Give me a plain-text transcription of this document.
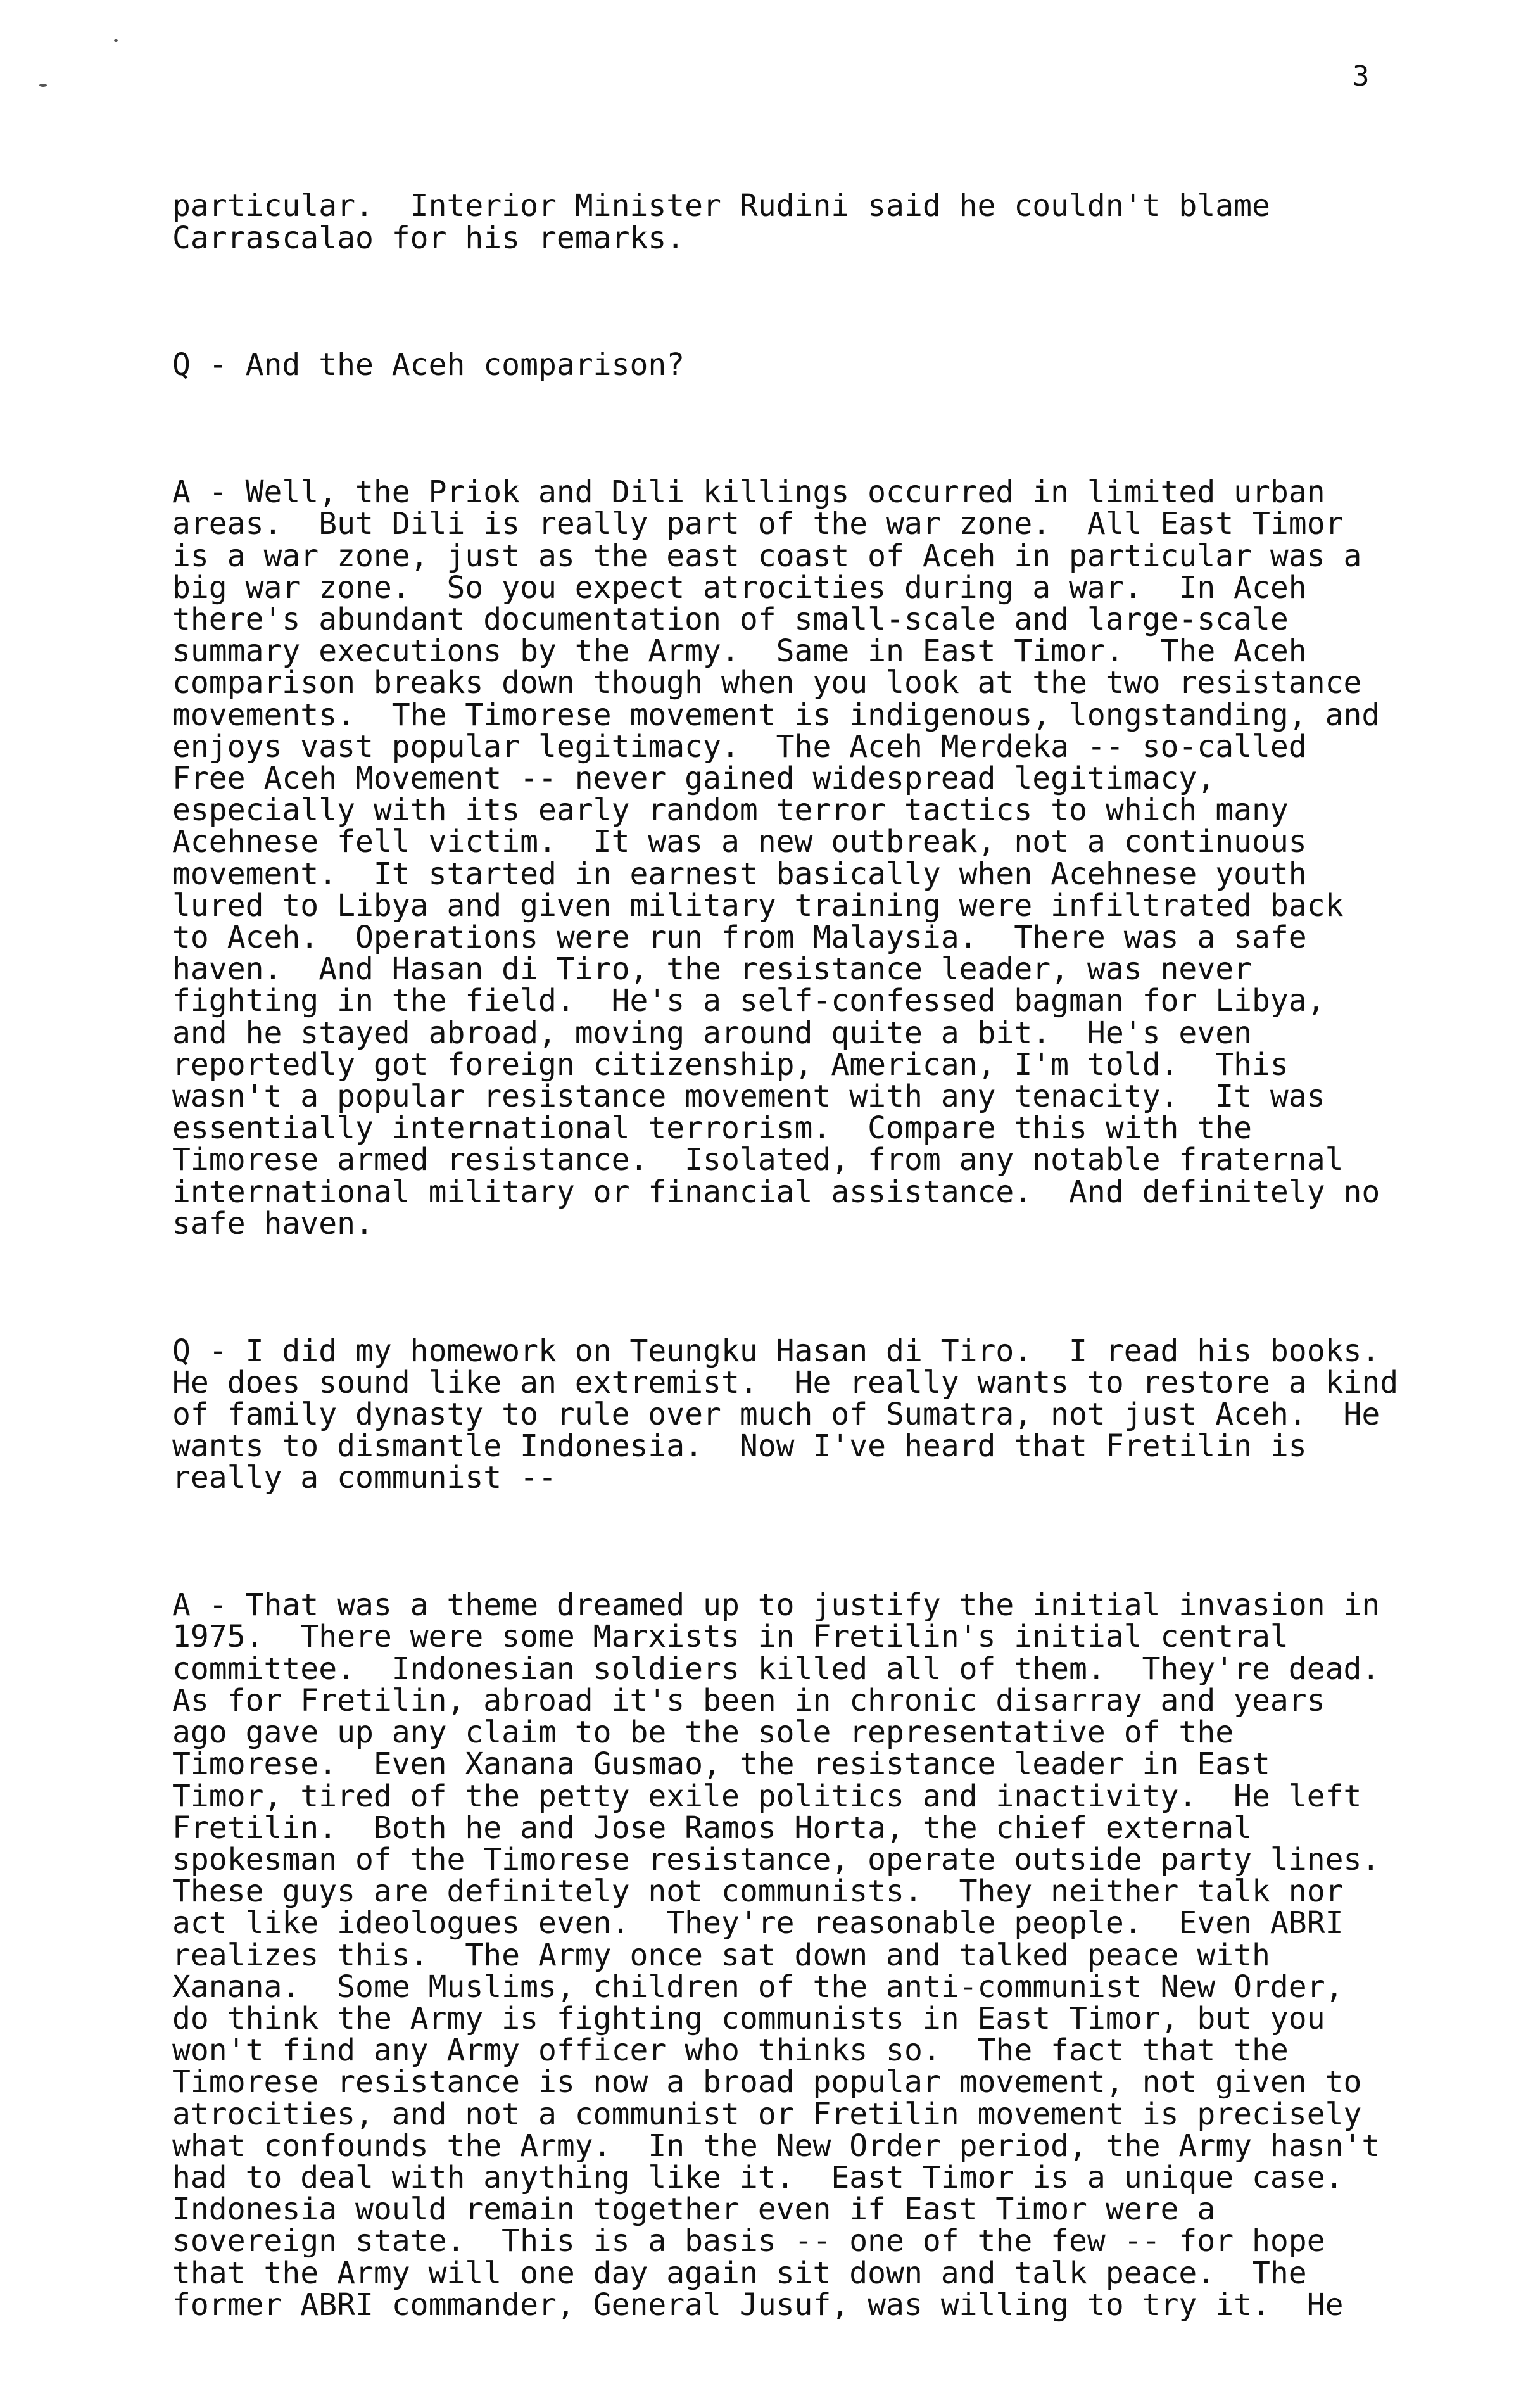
3

particular.  Interior Minister Rudini said he couldn't blame
Carrascalao for his remarks.

Q - And the Aceh comparison?

A - Well, the Priok and Dili killings occurred in limited urban
areas.  But Dili is really part of the war zone.  All East Timor
is a war zone, just as the east coast of Aceh in particular was a
big war zone.  So you expect atrocities during a war.  In Aceh
there's abundant documentation of small-scale and large-scale
summary executions by the Army.  Same in East Timor.  The Aceh
comparison breaks down though when you look at the two resistance
movements.  The Timorese movement is indigenous, longstanding, and
enjoys vast popular legitimacy.  The Aceh Merdeka -- so-called
Free Aceh Movement -- never gained widespread legitimacy,
especially with its early random terror tactics to which many
Acehnese fell victim.  It was a new outbreak, not a continuous
movement.  It started in earnest basically when Acehnese youth
lured to Libya and given military training were infiltrated back
to Aceh.  Operations were run from Malaysia.  There was a safe
haven.  And Hasan di Tiro, the resistance leader, was never
fighting in the field.  He's a self-confessed bagman for Libya,
and he stayed abroad, moving around quite a bit.  He's even
reportedly got foreign citizenship, American, I'm told.  This
wasn't a popular resistance movement with any tenacity.  It was
essentially international terrorism.  Compare this with the
Timorese armed resistance.  Isolated, from any notable fraternal
international military or financial assistance.  And definitely no
safe haven.

Q - I did my homework on Teungku Hasan di Tiro.  I read his books.
He does sound like an extremist.  He really wants to restore a kind
of family dynasty to rule over much of Sumatra, not just Aceh.  He
wants to dismantle Indonesia.  Now I've heard that Fretilin is
really a communist --

A - That was a theme dreamed up to justify the initial invasion in
1975.  There were some Marxists in Fretilin's initial central
committee.  Indonesian soldiers killed all of them.  They're dead.
As for Fretilin, abroad it's been in chronic disarray and years
ago gave up any claim to be the sole representative of the
Timorese.  Even Xanana Gusmao, the resistance leader in East
Timor, tired of the petty exile politics and inactivity.  He left
Fretilin.  Both he and Jose Ramos Horta, the chief external
spokesman of the Timorese resistance, operate outside party lines.
These guys are definitely not communists.  They neither talk nor
act like ideologues even.  They're reasonable people.  Even ABRI
realizes this.  The Army once sat down and talked peace with
Xanana.  Some Muslims, children of the anti-communist New Order,
do think the Army is fighting communists in East Timor, but you
won't find any Army officer who thinks so.  The fact that the
Timorese resistance is now a broad popular movement, not given to
atrocities, and not a communist or Fretilin movement is precisely
what confounds the Army.  In the New Order period, the Army hasn't
had to deal with anything like it.  East Timor is a unique case.
Indonesia would remain together even if East Timor were a
sovereign state.  This is a basis -- one of the few -- for hope
that the Army will one day again sit down and talk peace.  The
former ABRI commander, General Jusuf, was willing to try it.  He
